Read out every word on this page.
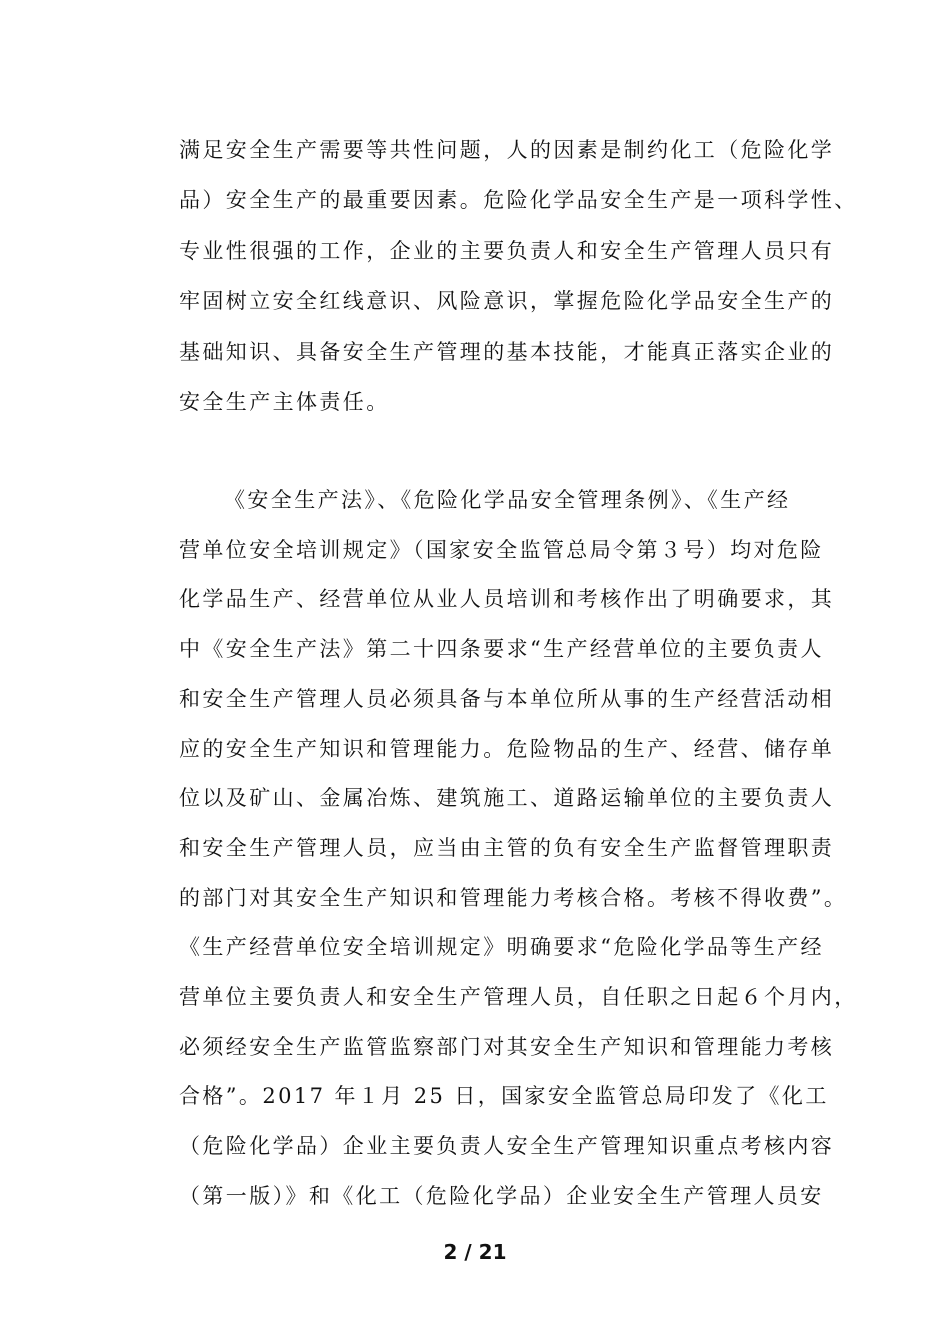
满足安全生产需要等共性问题，人的因素是制约化工（危险化学
品）安全生产的最重要因素。危险化学品安全生产是一项科学性、
专业性很强的工作，企业的主要负责人和安全生产管理人员只有
牢固树立安全红线意识、风险意识，掌握危险化学品安全生产的
基础知识、具备安全生产管理的基本技能，才能真正落实企业的
安全生产主体责任。
《安全生产法》、《危险化学品安全管理条例》、《生产经
营单位安全培训规定》（国家安全监管总局令第３号）均对危险
化学品生产、经营单位从业人员培训和考核作出了明确要求，其
中《安全生产法》第二十四条要求“生产经营单位的主要负责人
和安全生产管理人员必须具备与本单位所从事的生产经营活动相
应的安全生产知识和管理能力。危险物品的生产、经营、储存单
位以及矿山、金属冶炼、建筑施工、道路运输单位的主要负责人
和安全生产管理人员，应当由主管的负有安全生产监督管理职责
的部门对其安全生产知识和管理能力考核合格。考核不得收费”。
《生产经营单位安全培训规定》明确要求“危险化学品等生产经
营单位主要负责人和安全生产管理人员，自任职之日起６个月内，
必须经安全生产监管监察部门对其安全生产知识和管理能力考核
合格”。2017 年１月 25 日，国家安全监管总局印发了《化工
（危险化学品）企业主要负责人安全生产管理知识重点考核内容
（第一版）》和《化工（危险化学品）企业安全生产管理人员安
2 / 21
